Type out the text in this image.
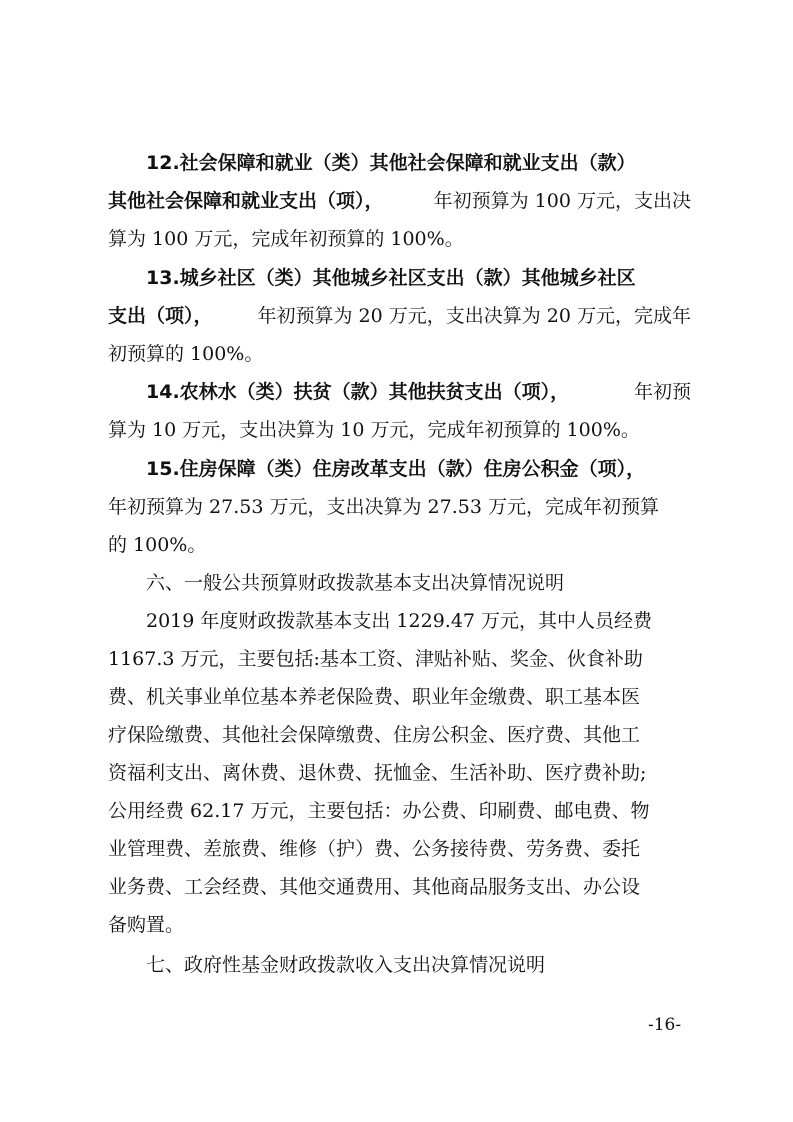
12.社会保障和就业（类）其他社会保障和就业支出（款）
其他社会保障和就业支出（项），	年初预算为 100 万元，支出决
算为 100 万元，完成年初预算的 100%。
13.城乡社区（类）其他城乡社区支出（款）其他城乡社区
支出（项）， 年初预算为 20 万元，支出决算为 20 万元，完成年
初预算的 100%。
14.农林水（类）扶贫（款）其他扶贫支出（项），	年初预
算为 10 万元，支出决算为 10 万元，完成年初预算的 100%。
15.住房保障（类）住房改革支出（款）住房公积金（项），
年初预算为 27.53 万元，支出决算为 27.53 万元，完成年初预算
的 100%。
六、一般公共预算财政拨款基本支出决算情况说明
2019 年度财政拨款基本支出 1229.47 万元，其中人员经费
1167.3 万元，主要包括:基本工资、津贴补贴、奖金、伙食补助
费、机关事业单位基本养老保险费、职业年金缴费、职工基本医
疗保险缴费、其他社会保障缴费、住房公积金、医疗费、其他工
资福利支出、离休费、退休费、抚恤金、生活补助、医疗费补助;
公用经费 62.17 万元，主要包括：办公费、印刷费、邮电费、物
业管理费、差旅费、维修（护）费、公务接待费、劳务费、委托
业务费、工会经费、其他交通费用、其他商品服务支出、办公设
备购置。
七、政府性基金财政拨款收入支出决算情况说明
-16-
